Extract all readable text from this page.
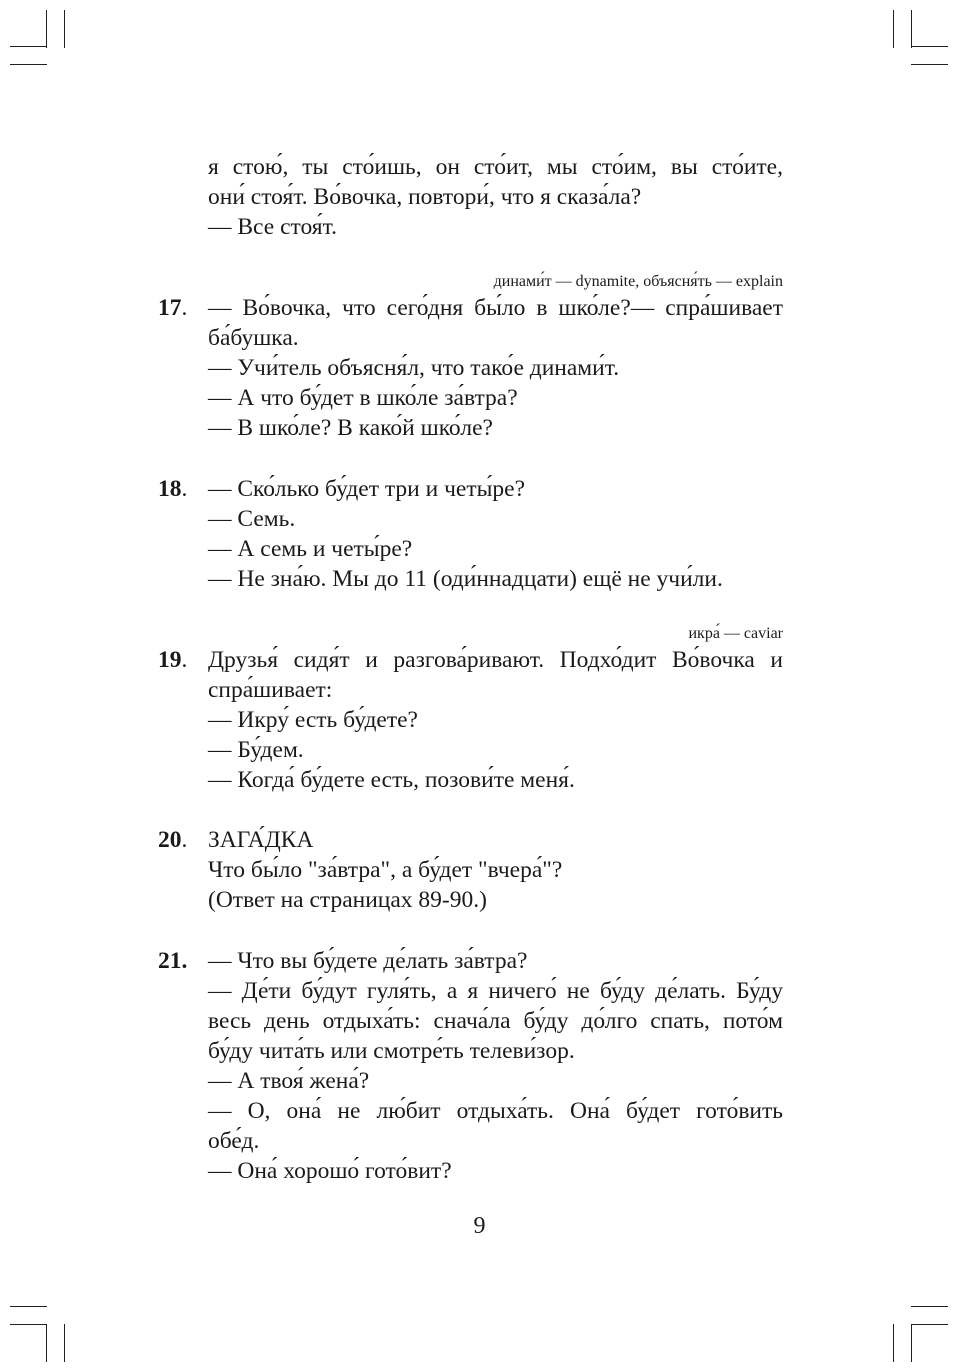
я стою́, ты сто́ишь, он сто́ит, мы сто́им, вы сто́ите,
они́ стоя́т. Во́вочка, повтори́, что я сказа́ла?
— Все стоя́т.
динами́т — dynamite, объясня́ть — explain
17. — Во́вочка, что сего́дня бы́ло в шко́ле?— спра́шивает
ба́бушка.
— Учи́тель объясня́л, что тако́е динами́т.
— А что бу́дет в шко́ле за́втра?
— В шко́ле? В како́й шко́ле?
18. — Ско́лько бу́дет три и четы́ре?
— Семь.
— А семь и четы́ре?
— Не зна́ю. Мы до 11 (оди́ннадцати) ещё не учи́ли.
икра́ — caviar
19. Друзья́ сидя́т и разгова́ривают. Подхо́дит Во́вочка и
спра́шивает:
— Икру́ есть бу́дете?
— Бу́дем.
— Когда́ бу́дете есть, позови́те меня́.
20. ЗАГА́ДКА
Что бы́ло "за́втра", а бу́дет "вчера́"?
(Ответ на страницах 89-90.)
21. — Что вы бу́дете де́лать за́втра?
— Де́ти бу́дут гуля́ть, а я ничего́ не бу́ду де́лать. Бу́ду
весь день отдыха́ть: снача́ла бу́ду до́лго спать, пото́м
бу́ду чита́ть или смотре́ть телеви́зор.
— А твоя́ жена́?
— О, она́ не лю́бит отдыха́ть. Она́ бу́дет гото́вить
обе́д.
— Она́ хорошо́ гото́вит?
9
